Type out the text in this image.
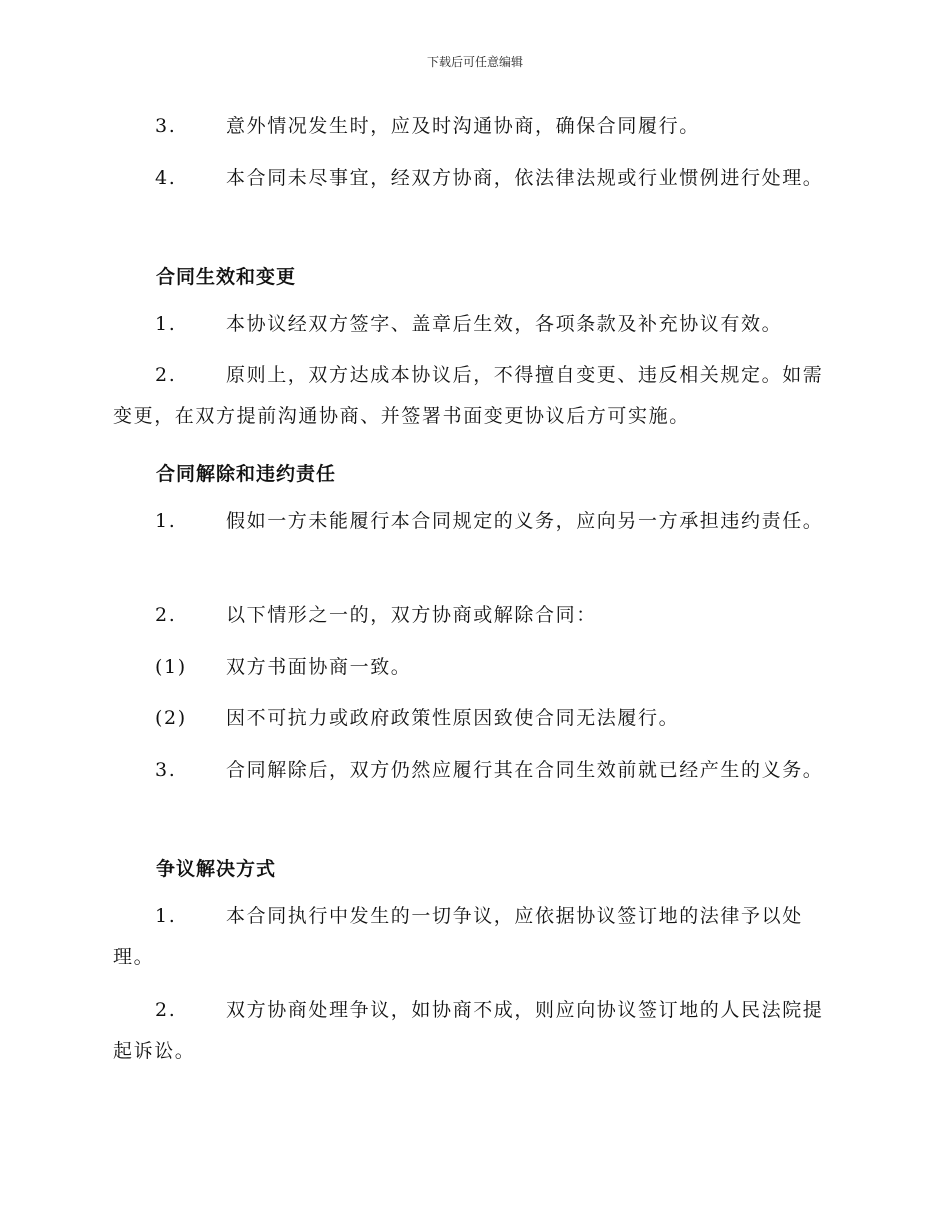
下载后可任意编辑
3.	意外情况发生时，应及时沟通协商，确保合同履行。
4.	本合同未尽事宜，经双方协商，依法律法规或行业惯例进行处理。
合同生效和变更
1.	本协议经双方签字、盖章后生效，各项条款及补充协议有效。
2.	原则上，双方达成本协议后，不得擅自变更、违反相关规定。如需变更，在双方提前沟通协商、并签署书面变更协议后方可实施。
合同解除和违约责任
1.	假如一方未能履行本合同规定的义务，应向另一方承担违约责任。
2.	以下情形之一的，双方协商或解除合同：
(1)	双方书面协商一致。
(2)	因不可抗力或政府政策性原因致使合同无法履行。
3.	合同解除后，双方仍然应履行其在合同生效前就已经产生的义务。
争议解决方式
1.	本合同执行中发生的一切争议，应依据协议签订地的法律予以处理。
2.	双方协商处理争议，如协商不成，则应向协议签订地的人民法院提起诉讼。
